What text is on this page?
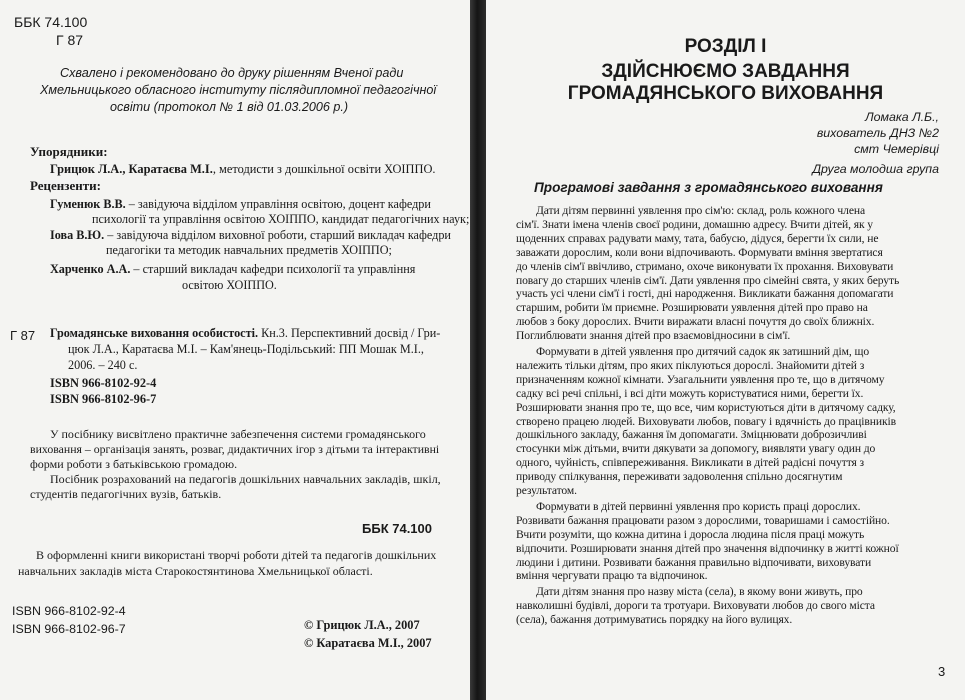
ББК 74.100
Г 87
Схвалено і рекомендовано до друку рішенням Вченої ради
Хмельницького обласного інституту післядипломної педагогічної
освіти (протокол № 1 від 01.03.2006 р.)
Упорядники:
Грицюк Л.А., Каратаєва М.І., методисти з дошкільної освіти ХОІППО.
Рецензенти:
Гуменюк В.В. – завідуюча відділом управління освітою, доцент кафедри
психології та управління освітою ХОІППО, кандидат педагогічних наук;
Іова В.Ю. – завідуюча відділом виховної роботи, старший викладач кафедри
педагогіки та методик навчальних предметів ХОІППО;
Харченко А.А. – старший викладач кафедри психології та управління
освітою ХОІППО.
Г 87 Громадянське виховання особистості. Кн.3. Перспективний досвід / Гри-
цюк Л.А., Каратаєва М.І. – Кам'янець-Подільський: ПП Мошак М.І.,
2006. – 240 с.
ISBN 966-8102-92-4
ISBN 966-8102-96-7
У посібнику висвітлено практичне забезпечення системи громадянського
виховання – організація занять, розваг, дидактичних ігор з дітьми та інтерактивні
форми роботи з батьківською громадою.
Посібник розрахований на педагогів дошкільних навчальних закладів, шкіл,
студентів педагогічних вузів, батьків.
ББК 74.100
В оформленні книги використані творчі роботи дітей та педагогів дошкільних
навчальних закладів міста Старокостянтинова Хмельницької області.
ISBN 966-8102-92-4
ISBN 966-8102-96-7	© Грицюк Л.А., 2007
© Каратаєва М.І., 2007
РОЗДІЛ І
ЗДІЙСНЮЄМО ЗАВДАННЯ
ГРОМАДЯНСЬКОГО ВИХОВАННЯ
Ломака Л.Б.,
вихователь ДНЗ №2
смт Чемерівці
Друга молодша група
Програмові завдання з громадянського виховання
3
Дати дітям первинні уявлення про сім'ю: склад, роль кожного члена
сім'ї. Знати імена членів своєї родини, домашню адресу. Вчити дітей, як у
щоденних справах радувати маму, тата, бабусю, дідуся, берегти їх сили, не
заважати дорослим, коли вони відпочивають. Формувати вміння звертатися
до членів сім'ї ввічливо, стримано, охоче виконувати їх прохання. Виховувати
повагу до старших членів сім'ї. Дати уявлення про сімейні свята, у яких беруть
участь усі члени сім'ї і гості, дні народження. Викликати бажання допомагати
старшим, робити їм приємне. Розширювати уявлення дітей про право на
любов з боку дорослих. Вчити виражати власні почуття до своїх ближніх.
Поглиблювати знання дітей про взаємовідносини в сім'ї.
Формувати в дітей уявлення про дитячий садок як затишний дім, що
належить тільки дітям, про яких піклуються дорослі. Знайомити дітей з
призначенням кожної кімнати. Узагальнити уявлення про те, що в дитячому
садку всі речі спільні, і всі діти можуть користуватися ними, берегти їх.
Розширювати знання про те, що все, чим користуються діти в дитячому садку,
створено працею людей. Виховувати любов, повагу і вдячність до працівників
дошкільного закладу, бажання їм допомагати. Зміцнювати доброзичливі
стосунки між дітьми, вчити дякувати за допомогу, виявляти увагу один до
одного, чуйність, співпереживання. Викликати в дітей радісні почуття з
приводу спілкування, переживати задоволення спільно досягнутим
результатом.
Формувати в дітей первинні уявлення про користь праці дорослих.
Розвивати бажання працювати разом з дорослими, товаришами і самостійно.
Вчити розуміти, що кожна дитина і доросла людина після праці можуть
відпочити. Розширювати знання дітей про значення відпочинку в житті кожної
людини і дитини. Розвивати бажання правильно відпочивати, виховувати
вміння чергувати працю та відпочинок.
Дати дітям знання про назву міста (села), в якому вони живуть, про
навколишні будівлі, дороги та тротуари. Виховувати любов до свого міста
(села), бажання дотримуватись порядку на його вулицях.
